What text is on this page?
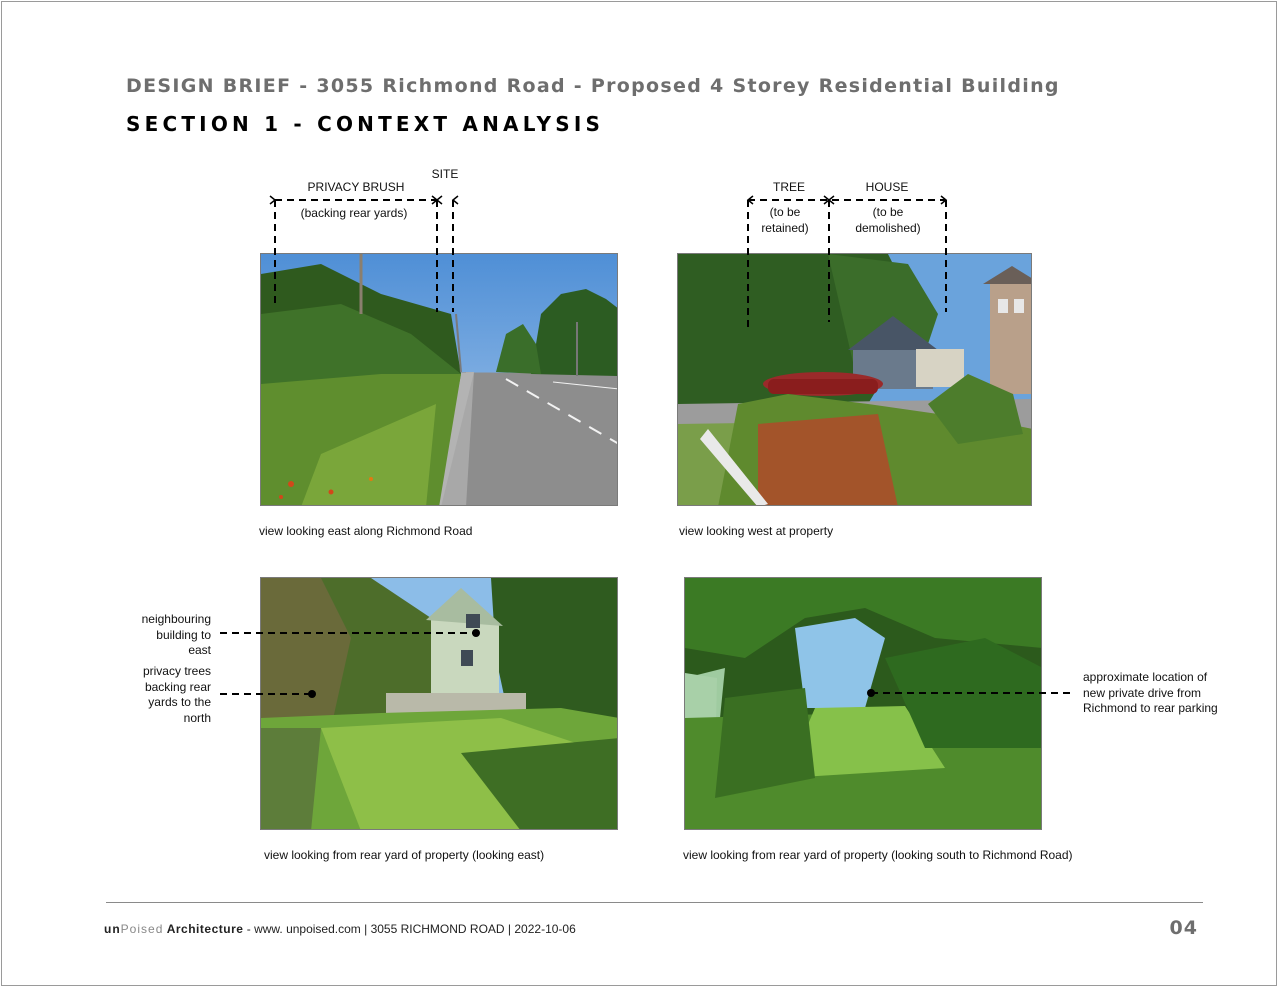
DESIGN BRIEF - 3055 Richmond Road - Proposed 4 Storey Residential Building
SECTION 1 - CONTEXT ANALYSIS
PRIVACY BRUSH
(backing rear yards)
SITE
TREE
(to be
retained)
HOUSE
(to be
demolished)
neighbouring
building to
east
privacy trees
backing rear
yards to the
north
approximate location of
new private drive from
Richmond to rear parking
view looking east along Richmond Road	view looking west at property
view looking from rear yard of property (looking east)	view looking from rear yard of property (looking south to Richmond Road)
unPoised Architecture - www. unpoised.com | 3055 RICHMOND ROAD | 2022-10-06	04
